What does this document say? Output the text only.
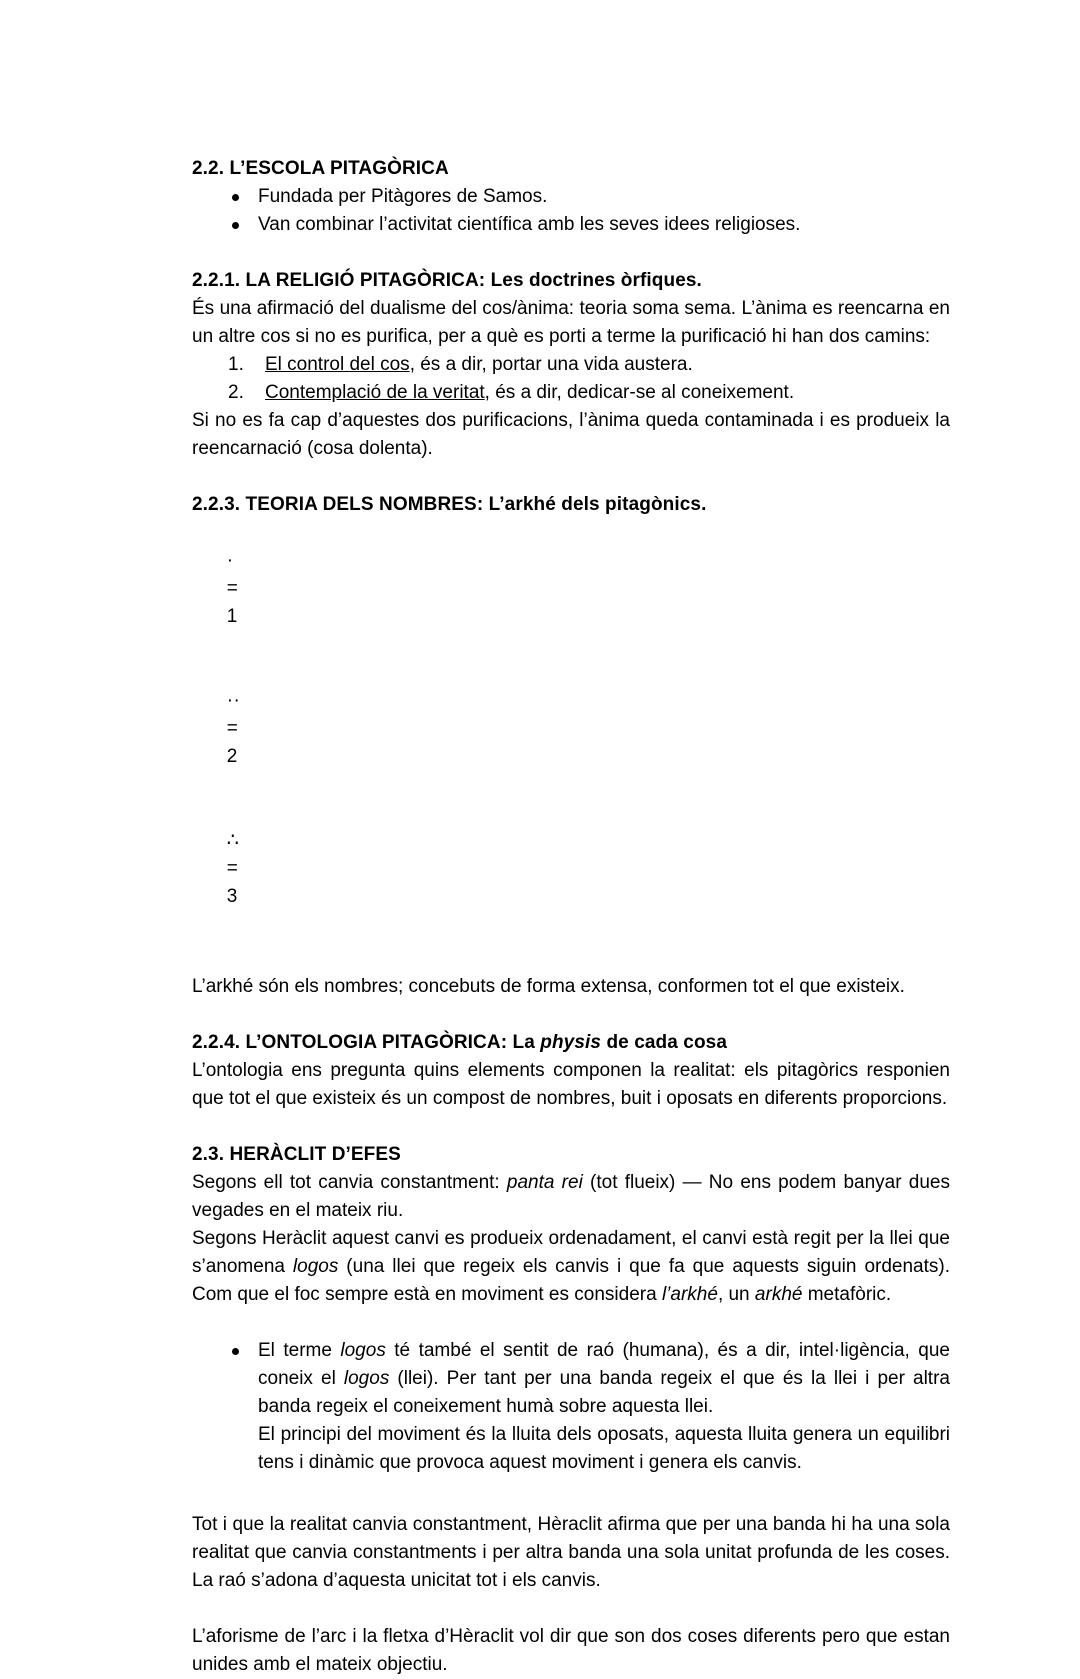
2.2. L’ESCOLA PITAGÒRICA
Fundada per Pitàgores de Samos.
Van combinar l’activitat científica amb les seves idees religioses.
2.2.1. LA RELIGIÓ PITAGÒRICA: Les doctrines òrfiques.

És una afirmació del dualisme del cos/ànima: teoria soma sema. L’ànima es reencarna en un altre cos si no es purifica, per a què es porti a terme la purificació hi han dos camins:

El control del cos, és a dir, portar una vida austera.
Contemplació de la veritat, és a dir, dedicar-se al coneixement.

Si no es fa cap d’aquestes dos purificacions, l’ànima queda contaminada i es produeix la reencarnació (cosa dolenta).

2.2.3. TEORIA DELS NOMBRES: L’arkhé dels pitagònics.

·
=
1

··
=
2

∴
=
3

L’arkhé són els nombres; concebuts de forma extensa, conformen tot el que existeix.

2.2.4. L’ONTOLOGIA PITAGÒRICA: La physis de cada cosa

L’ontologia ens pregunta quins elements componen la realitat: els pitagòrics responien que tot el que existeix és un compost de nombres, buit i oposats en diferents proporcions.

2.3. HERÀCLIT D’EFES

Segons ell tot canvia constantment: panta rei (tot flueix) — No ens podem banyar dues vegades en el mateix riu.

Segons Heràclit aquest canvi es produeix ordenadament, el canvi està regit per la llei que s’anomena logos (una llei que regeix els canvis i que fa que aquests siguin ordenats). Com que el foc sempre està en moviment es considera l’arkhé, un arkhé metafòric.

El terme logos té també el sentit de raó (humana), és a dir, intel·ligència, que coneix el logos (llei). Per tant per una banda regeix el que és la llei i per altra banda regeix el coneixement humà sobre aquesta llei.
El principi del moviment és la lluita dels oposats, aquesta lluita genera un equilibri tens i dinàmic que provoca aquest moviment i genera els canvis.

Tot i que la realitat canvia constantment, Hèraclit afirma que per una banda hi ha una sola realitat que canvia constantments i per altra banda una sola unitat profunda de les coses. La raó s’adona d’aquesta unicitat tot i els canvis.

L’aforisme de l’arc i la fletxa d’Hèraclit vol dir que son dos coses diferents pero que estan unides amb el mateix objectiu.
